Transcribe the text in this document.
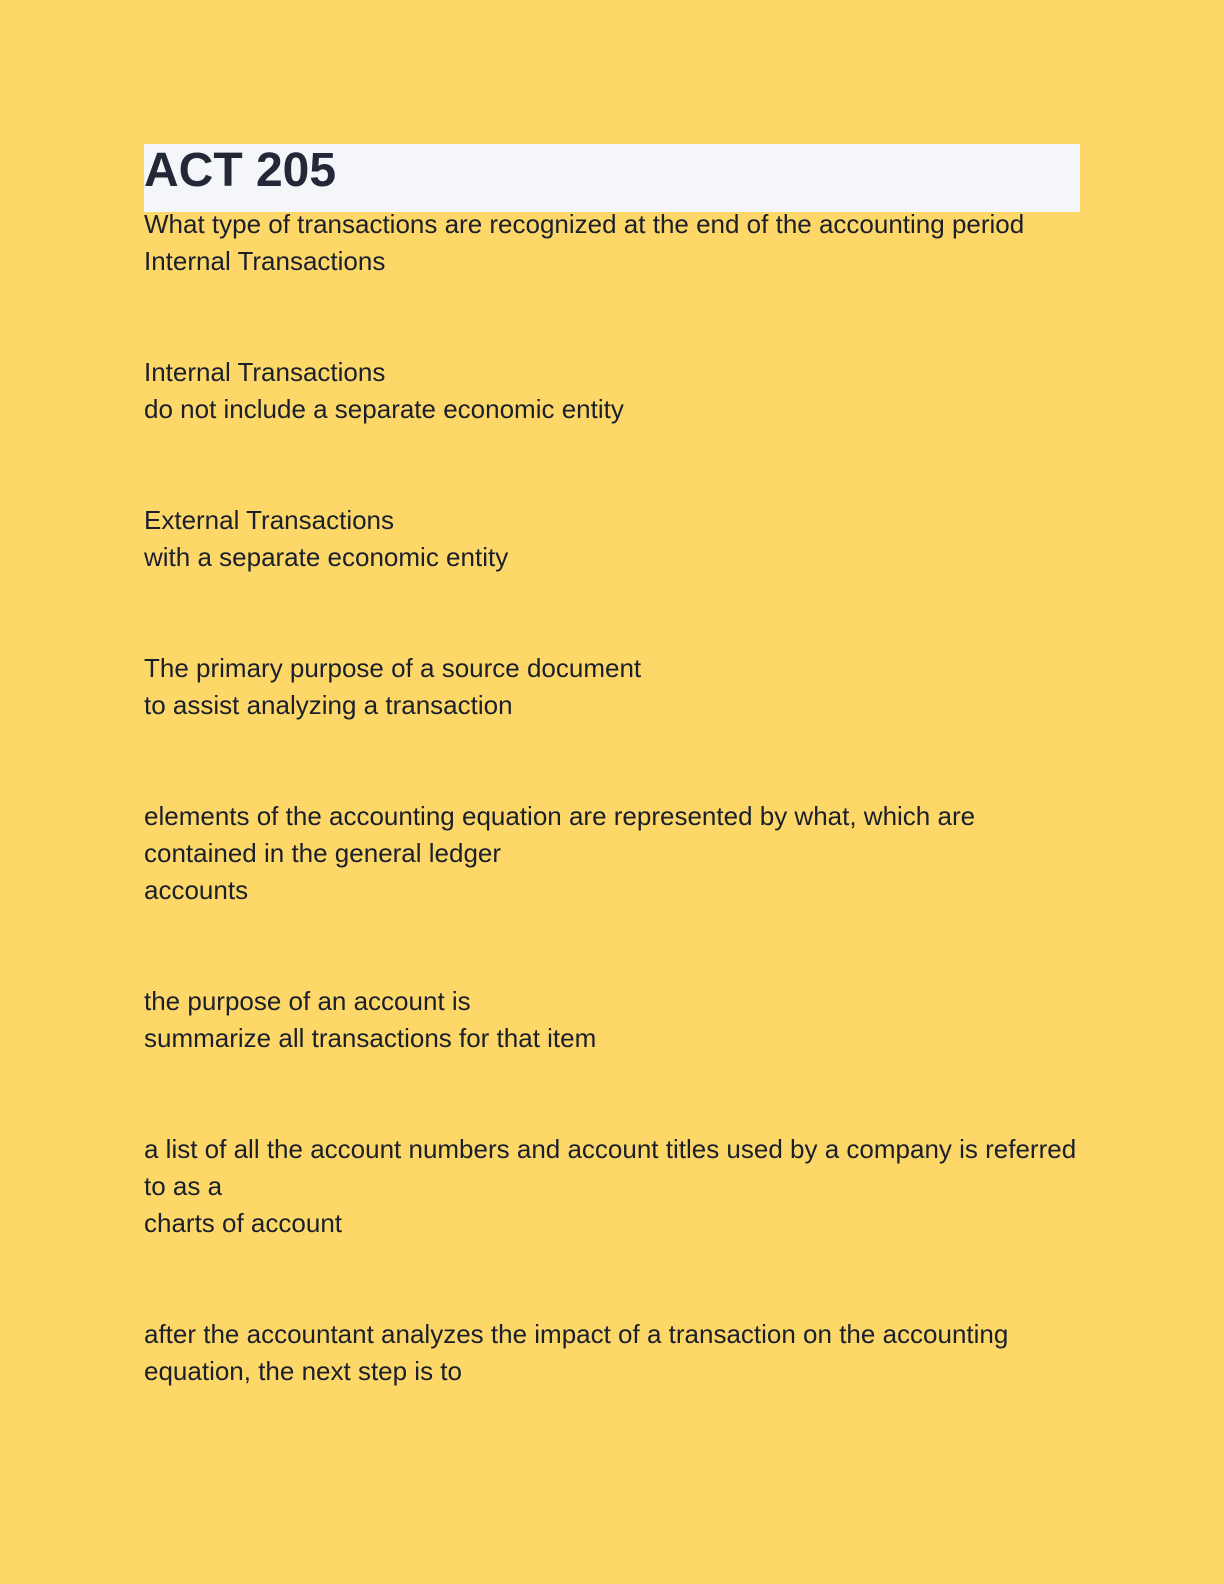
ACT 205

What type of transactions are recognized at the end of the accounting period

Internal Transactions

Internal Transactions

do not include a separate economic entity

External Transactions

with a separate economic entity

The primary purpose of a source document

to assist analyzing a transaction

elements of the accounting equation are represented by what, which are contained in the general ledger

accounts

the purpose of an account is

summarize all transactions for that item

a list of all the account numbers and account titles used by a company is referred to as a

charts of account

after the accountant analyzes the impact of a transaction on the accounting equation, the next step is to
